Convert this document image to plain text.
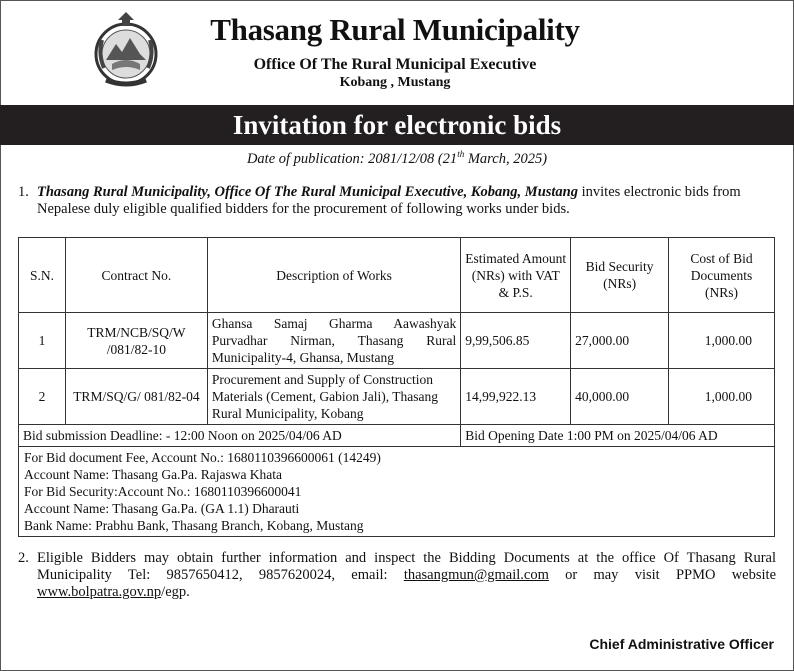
Thasang Rural Municipality
Office Of The Rural Municipal Executive
Kobang , Mustang
Invitation for electronic bids
Date of publication: 2081/12/08 (21th March, 2025)
1. Thasang Rural Municipality, Office Of The Rural Municipal Executive, Kobang, Mustang invites electronic bids from Nepalese duly eligible qualified bidders for the procurement of following works under bids.
S.N.	Contract No.	Description of Works	Estimated Amount (NRs) with VAT & P.S.	Bid Security (NRs)	Cost of Bid Documents (NRs)
1	TRM/NCB/SQ/W /081/82-10	Ghansa Samaj Gharma Aawashyak Purvadhar Nirman, Thasang Rural Municipality-4, Ghansa, Mustang	9,99,506.85	27,000.00	1,000.00
2	TRM/SQ/G/ 081/82-04	Procurement and Supply of Construction Materials (Cement, Gabion Jali), Thasang Rural Municipality, Kobang	14,99,922.13	40,000.00	1,000.00
Bid submission Deadline: - 12:00 Noon on 2025/04/06 AD			Bid Opening Date 1:00 PM on 2025/04/06 AD		

For Bid document Fee, Account No.: 1680110396600061 (14249)
Account Name: Thasang Ga.Pa. Rajaswa Khata
For Bid Security:Account No.: 1680110396600041
Account Name: Thasang Ga.Pa. (GA 1.1) Dharauti
Bank Name: Prabhu Bank, Thasang Branch, Kobang, Mustang					
2. Eligible Bidders may obtain further information and inspect the Bidding Documents at the office Of Thasang Rural Municipality Tel: 9857650412, 9857620024, email: thasangmun@gmail.com or may visit PPMO website www.bolpatra.gov.np/egp.
Chief Administrative Officer
